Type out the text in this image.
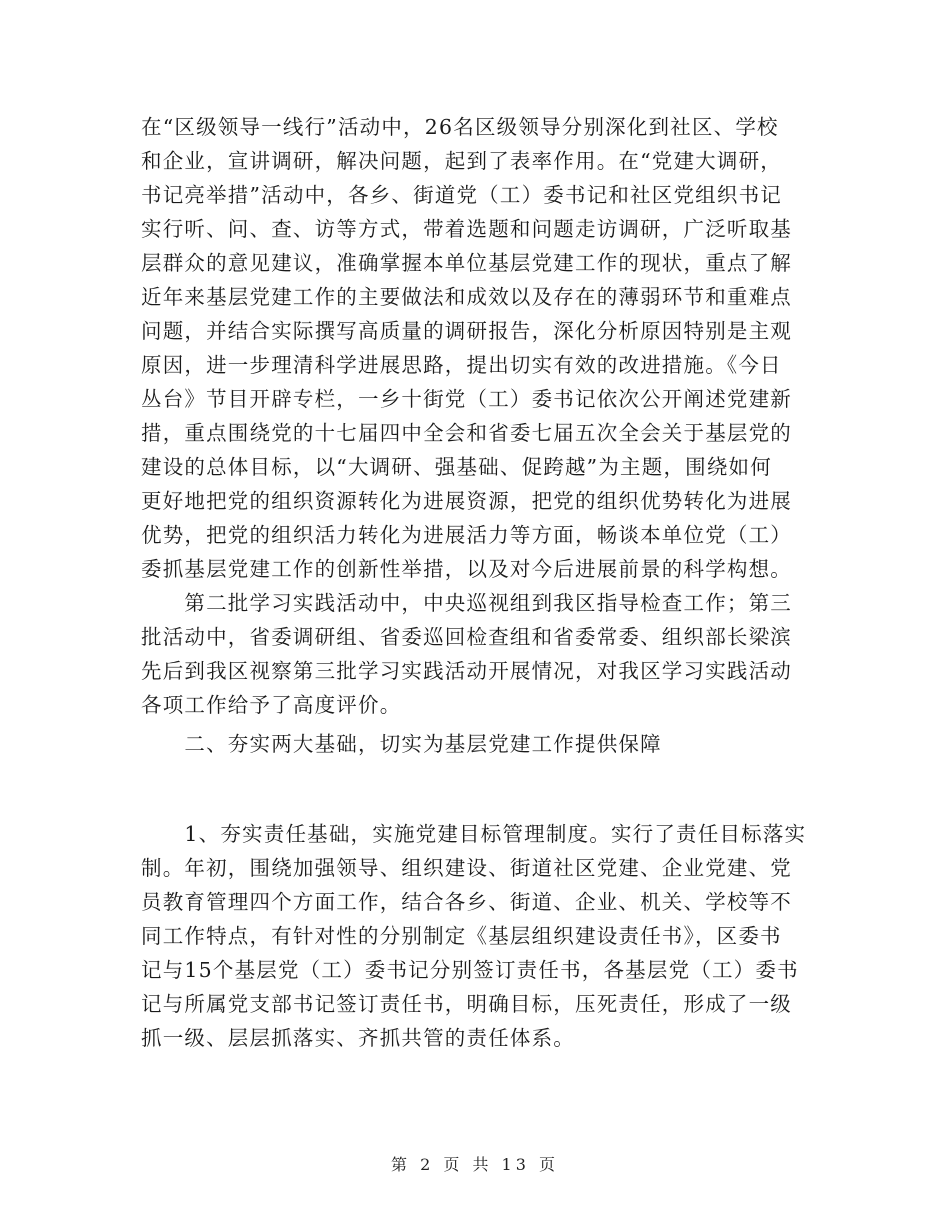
在“区级领导一线行”活动中，26名区级领导分别深化到社区、学校
和企业，宣讲调研，解决问题，起到了表率作用。在“党建大调研，
书记亮举措”活动中，各乡、街道党（工）委书记和社区党组织书记
实行听、问、查、访等方式，带着选题和问题走访调研，广泛听取基
层群众的意见建议，准确掌握本单位基层党建工作的现状，重点了解
近年来基层党建工作的主要做法和成效以及存在的薄弱环节和重难点
问题，并结合实际撰写高质量的调研报告，深化分析原因特别是主观
原因，进一步理清科学进展思路，提出切实有效的改进措施。《今日
丛台》节目开辟专栏，一乡十街党（工）委书记依次公开阐述党建新
措，重点围绕党的十七届四中全会和省委七届五次全会关于基层党的
建设的总体目标，以“大调研、强基础、促跨越”为主题，围绕如何
更好地把党的组织资源转化为进展资源，把党的组织优势转化为进展
优势，把党的组织活力转化为进展活力等方面，畅谈本单位党（工）
委抓基层党建工作的创新性举措，以及对今后进展前景的科学构想。
　　第二批学习实践活动中，中央巡视组到我区指导检查工作；第三
批活动中，省委调研组、省委巡回检查组和省委常委、组织部长梁滨
先后到我区视察第三批学习实践活动开展情况，对我区学习实践活动
各项工作给予了高度评价。
　　二、夯实两大基础，切实为基层党建工作提供保障
　　1、夯实责任基础，实施党建目标管理制度。实行了责任目标落实
制。年初，围绕加强领导、组织建设、街道社区党建、企业党建、党
员教育管理四个方面工作，结合各乡、街道、企业、机关、学校等不
同工作特点，有针对性的分别制定《基层组织建设责任书》，区委书
记与15个基层党（工）委书记分别签订责任书，各基层党（工）委书
记与所属党支部书记签订责任书，明确目标，压死责任，形成了一级
抓一级、层层抓落实、齐抓共管的责任体系。
第 2 页 共 13 页
